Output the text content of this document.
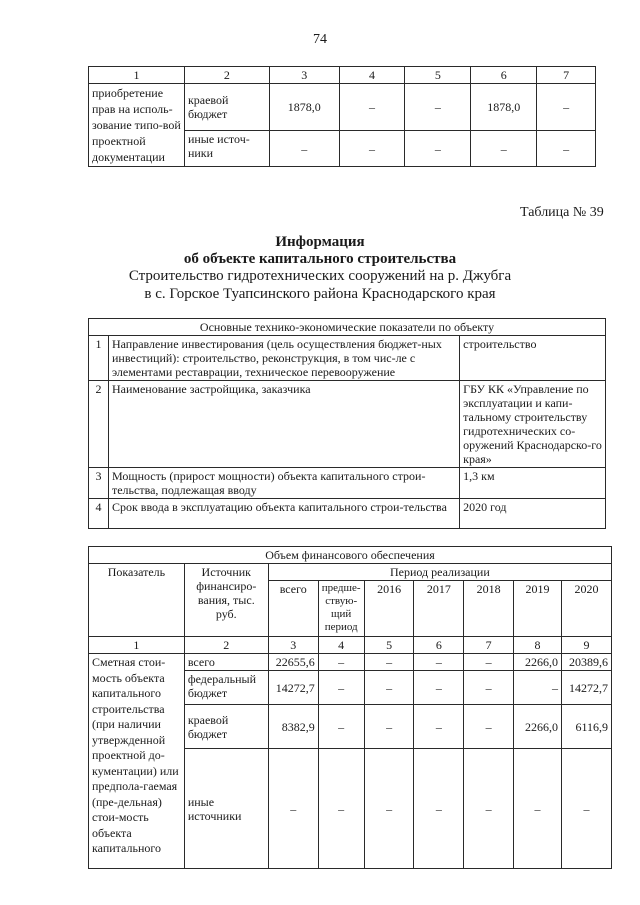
74
1	2	3	4	5	6	7
приобретение прав на исполь-зование типо-вой проектной документации	краевой бюджет	1878,0	–	–	1878,0	–
	иные источ-ники	–	–	–	–	–
Таблица № 39
Информация
об объекте капитального строительства
Строительство гидротехнических сооружений на р. Джубга
в с. Горское Туапсинского района Краснодарского края
Основные технико-экономические показатели по объекту		
1	Направление инвестирования (цель осуществления бюджет-ных инвестиций): строительство, реконструкция, в том чис-ле с элементами реставрации, техническое перевооружение	строительство
2	Наименование застройщика, заказчика	ГБУ КК «Управление по эксплуатации и капи-тальному строительству гидротехнических со-оружений Краснодарско-го края»
3	Мощность (прирост мощности) объекта капитального строи-тельства, подлежащая вводу	1,3 км
4	Срок ввода в эксплуатацию объекта капитального строи-тельства	2020 год
Объем финансового обеспечения								
Показатель	Источник финансиро-вания, тыс. руб.	Период реализации						
		всего	предше-ствую-щий период	2016	2017	2018	2019	2020
1	2	3	4	5	6	7	8	9
Сметная стои-мость объекта капитального строительства (при наличии утвержденной проектной до-кументации) или предпола-гаемая (пре-дельная) стои-мость объекта капитального	всего	22655,6	–	–	–	–	2266,0	20389,6
	федеральный бюджет	14272,7	–	–	–	–	–	14272,7
	краевой бюджет	8382,9	–	–	–	–	2266,0	6116,9
	иные источники	–	–	–	–	–	–	–
